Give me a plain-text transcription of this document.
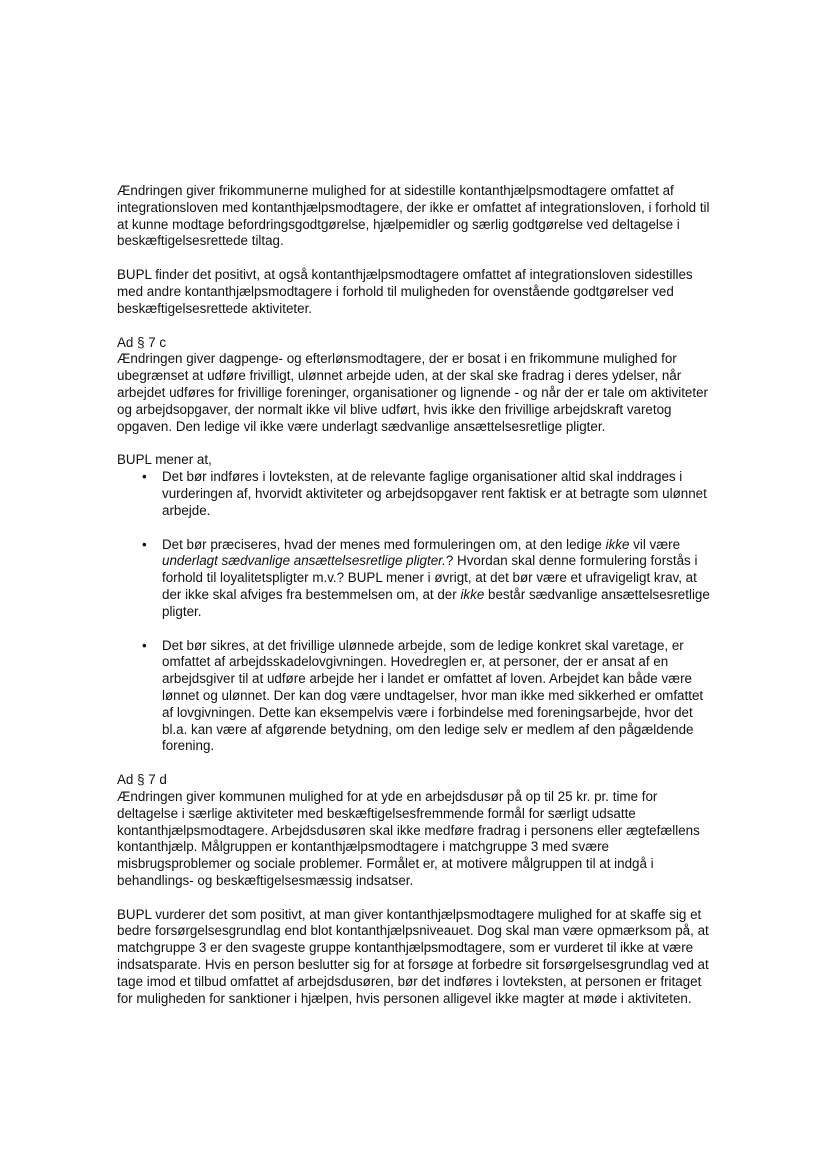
Ændringen giver frikommunerne mulighed for at sidestille kontanthjælpsmodtagere omfattet af integrationsloven med kontanthjælpsmodtagere, der ikke er omfattet af integrationsloven, i forhold til at kunne modtage befordringsgodtgørelse, hjælpemidler og særlig godtgørelse ved deltagelse i beskæftigelsesrettede tiltag.

BUPL finder det positivt, at også kontanthjælpsmodtagere omfattet af integrationsloven sidestilles med andre kontanthjælpsmodtagere i forhold til muligheden for ovenstående godtgørelser ved beskæftigelsesrettede aktiviteter.

Ad § 7 c

Ændringen giver dagpenge- og efterlønsmodtagere, der er bosat i en frikommune mulighed for ubegrænset at udføre frivilligt, ulønnet arbejde uden, at der skal ske fradrag i deres ydelser, når arbejdet udføres for frivillige foreninger, organisationer og lignende - og når der er tale om aktiviteter og arbejdsopgaver, der normalt ikke vil blive udført, hvis ikke den frivillige arbejdskraft varetog opgaven. Den ledige vil ikke være underlagt sædvanlige ansættelsesretlige pligter.

BUPL mener at,

• Det bør indføres i lovteksten, at de relevante faglige organisationer altid skal inddrages i vurderingen af, hvorvidt aktiviteter og arbejdsopgaver rent faktisk er at betragte som ulønnet arbejde.
• Det bør præciseres, hvad der menes med formuleringen om, at den ledige ikke vil være underlagt sædvanlige ansættelsesretlige pligter.? Hvordan skal denne formulering forstås i forhold til loyalitetspligter m.v.? BUPL mener i øvrigt, at det bør være et ufravigeligt krav, at der ikke skal afviges fra bestemmelsen om, at der ikke består sædvanlige ansættelsesretlige pligter.
• Det bør sikres, at det frivillige ulønnede arbejde, som de ledige konkret skal varetage, er omfattet af arbejdsskadelovgivningen. Hovedreglen er, at personer, der er ansat af en arbejdsgiver til at udføre arbejde her i landet er omfattet af loven. Arbejdet kan både være lønnet og ulønnet. Der kan dog være undtagelser, hvor man ikke med sikkerhed er omfattet af lovgivningen. Dette kan eksempelvis være i forbindelse med foreningsarbejde, hvor det bl.a. kan være af afgørende betydning, om den ledige selv er medlem af den pågældende forening.

Ad § 7 d

Ændringen giver kommunen mulighed for at yde en arbejdsdusør på op til 25 kr. pr. time for deltagelse i særlige aktiviteter med beskæftigelsesfremmende formål for særligt udsatte kontanthjælpsmodtagere. Arbejdsdusøren skal ikke medføre fradrag i personens eller ægtefællens kontanthjælp. Målgruppen er kontanthjælpsmodtagere i matchgruppe 3 med svære misbrugsproblemer og sociale problemer. Formålet er, at motivere målgruppen til at indgå i behandlings- og beskæftigelsesmæssig indsatser.

BUPL vurderer det som positivt, at man giver kontanthjælpsmodtagere mulighed for at skaffe sig et bedre forsørgelsesgrundlag end blot kontanthjælpsniveauet. Dog skal man være opmærksom på, at matchgruppe 3 er den svageste gruppe kontanthjælpsmodtagere, som er vurderet til ikke at være indsatsparate. Hvis en person beslutter sig for at forsøge at forbedre sit forsørgelsesgrundlag ved at tage imod et tilbud omfattet af arbejdsdusøren, bør det indføres i lovteksten, at personen er fritaget for muligheden for sanktioner i hjælpen, hvis personen alligevel ikke magter at møde i aktiviteten.
